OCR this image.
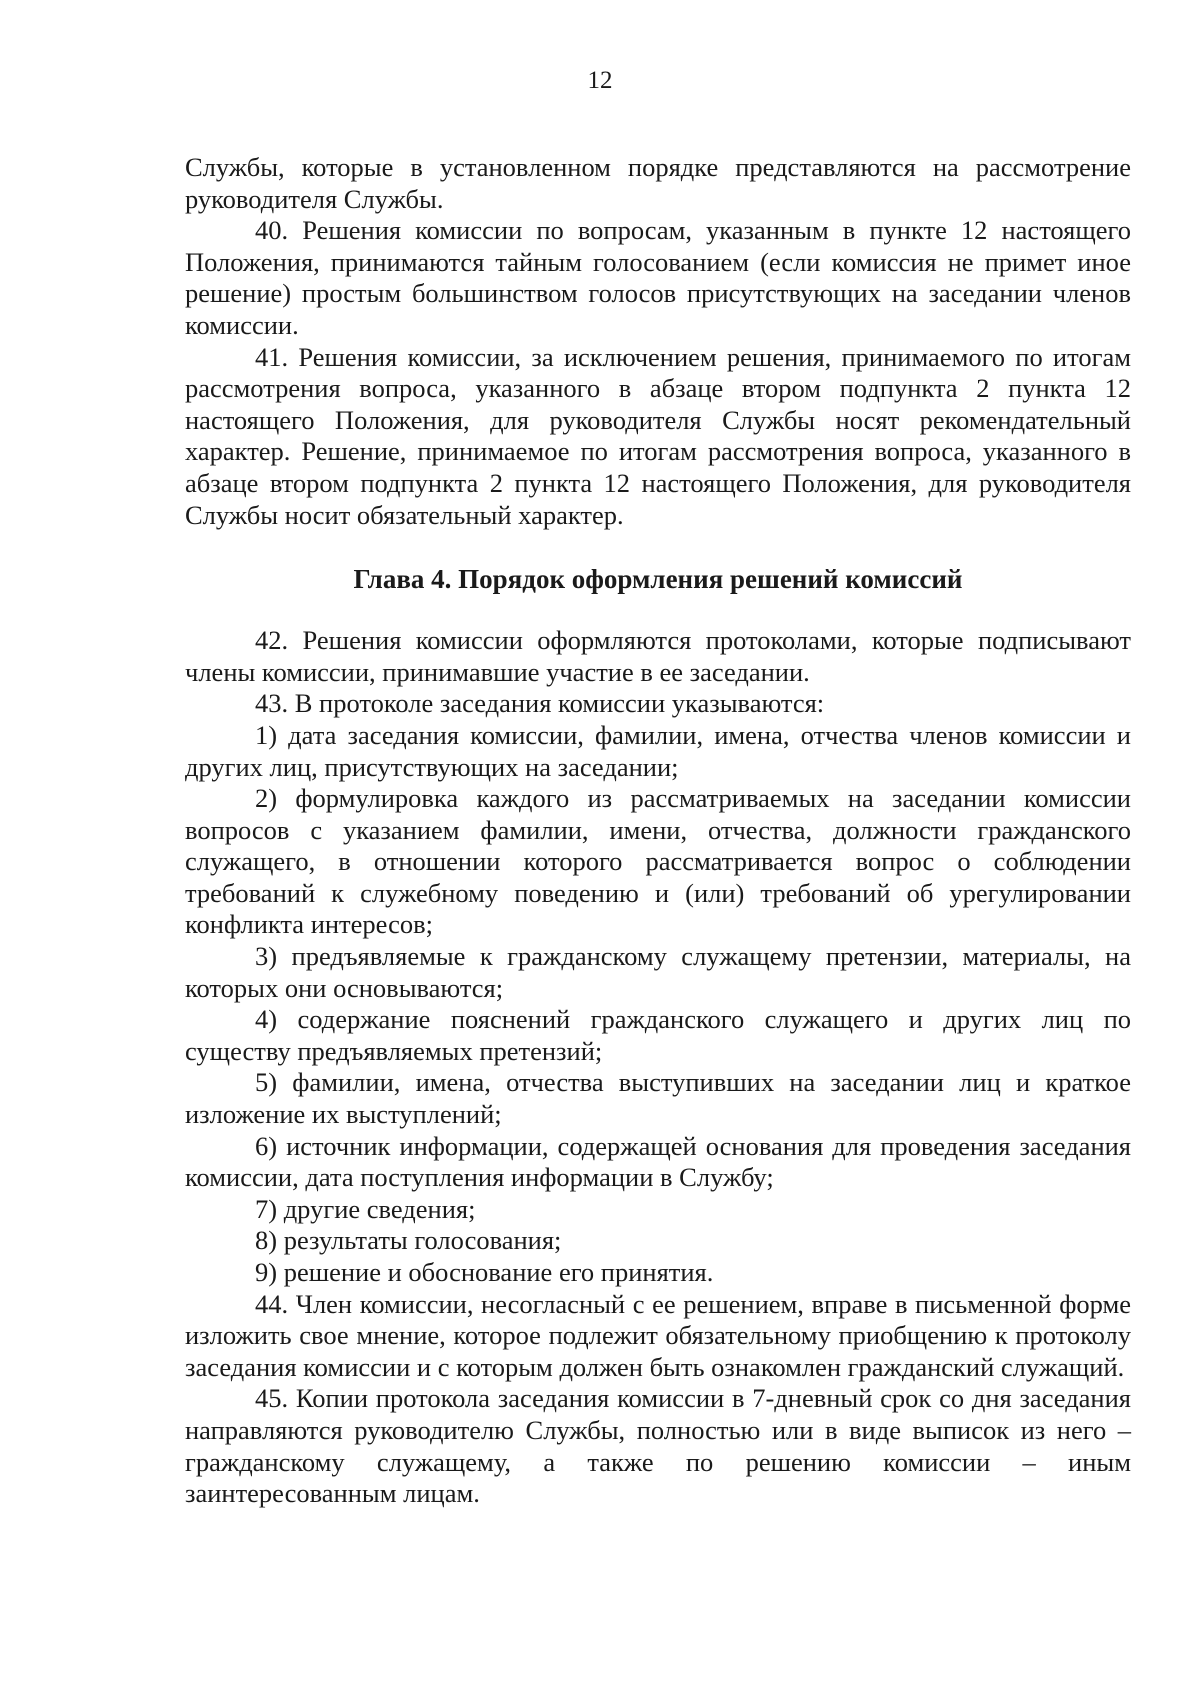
12

Службы, которые в установленном порядке представляются на рассмотрение руководителя Службы.

40. Решения комиссии по вопросам, указанным в пункте 12 настоящего Положения, принимаются тайным голосованием (если комиссия не примет иное решение) простым большинством голосов присутствующих на заседании членов комиссии.

41. Решения комиссии, за исключением решения, принимаемого по итогам рассмотрения вопроса, указанного в абзаце втором подпункта 2 пункта 12 настоящего Положения, для руководителя Службы носят рекомендательный характер. Решение, принимаемое по итогам рассмотрения вопроса, указанного в абзаце втором подпункта 2 пункта 12 настоящего Положения, для руководителя Службы носит обязательный характер.

Глава 4. Порядок оформления решений комиссий

42. Решения комиссии оформляются протоколами, которые подписывают члены комиссии, принимавшие участие в ее заседании.

43. В протоколе заседания комиссии указываются:

1) дата заседания комиссии, фамилии, имена, отчества членов комиссии и других лиц, присутствующих на заседании;

2) формулировка каждого из рассматриваемых на заседании комиссии вопросов с указанием фамилии, имени, отчества, должности гражданского служащего, в отношении которого рассматривается вопрос о соблюдении требований к служебному поведению и (или) требований об урегулировании конфликта интересов;

3) предъявляемые к гражданскому служащему претензии, материалы, на которых они основываются;

4) содержание пояснений гражданского служащего и других лиц по существу предъявляемых претензий;

5) фамилии, имена, отчества выступивших на заседании лиц и краткое изложение их выступлений;

6) источник информации, содержащей основания для проведения заседания комиссии, дата поступления информации в Службу;

7) другие сведения;

8) результаты голосования;

9) решение и обоснование его принятия.

44. Член комиссии, несогласный с ее решением, вправе в письменной форме изложить свое мнение, которое подлежит обязательному приобщению к протоколу заседания комиссии и с которым должен быть ознакомлен гражданский служащий.

45. Копии протокола заседания комиссии в 7-дневный срок со дня заседания направляются руководителю Службы, полностью или в виде выписок из него – гражданскому служащему, а также по решению комиссии – иным заинтересованным лицам.
